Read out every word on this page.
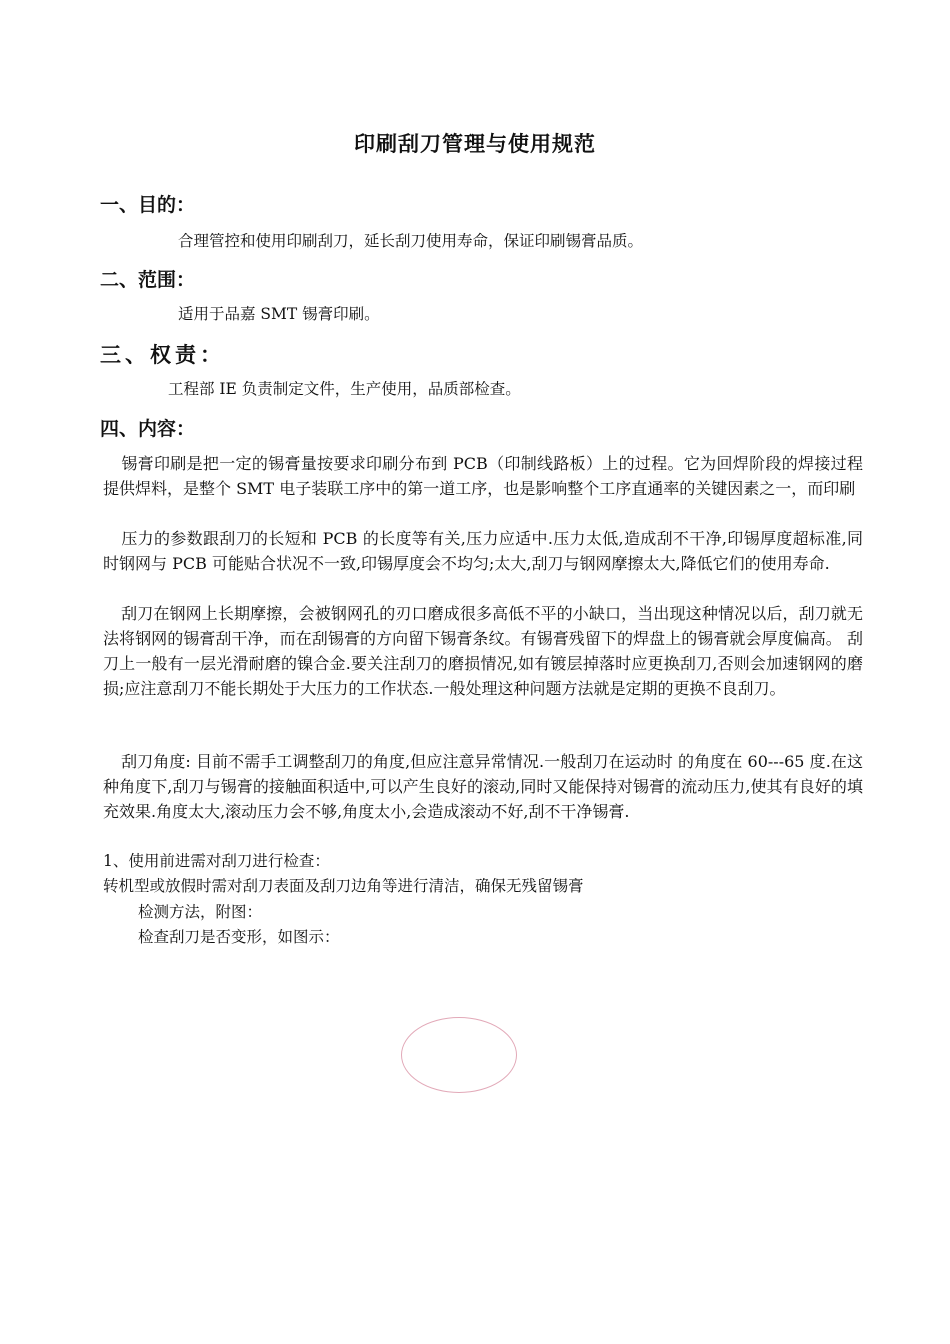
印刷刮刀管理与使用规范
一、目的：
合理管控和使用印刷刮刀，延长刮刀使用寿命，保证印刷锡膏品质。
二、范围：
适用于品嘉 SMT 锡膏印刷。
三、权责：
工程部 IE 负责制定文件，生产使用，品质部检查。
四、内容：
锡膏印刷是把一定的锡膏量按要求印刷分布到 PCB（印制线路板）上的过程。它为回焊阶段的焊接过程提供焊料，是整个 SMT 电子装联工序中的第一道工序，也是影响整个工序直通率的关键因素之一，而印刷
压力的参数跟刮刀的长短和 PCB 的长度等有关,压力应适中.压力太低,造成刮不干净,印锡厚度超标准,同时钢网与 PCB 可能贴合状况不一致,印锡厚度会不均匀;太大,刮刀与钢网摩擦太大,降低它们的使用寿命.
刮刀在钢网上长期摩擦，会被钢网孔的刃口磨成很多高低不平的小缺口，当出现这种情况以后，刮刀就无法将钢网的锡膏刮干净，而在刮锡膏的方向留下锡膏条纹。有锡膏残留下的焊盘上的锡膏就会厚度偏高。 刮刀上一般有一层光滑耐磨的镍合金.要关注刮刀的磨损情况,如有镀层掉落时应更换刮刀,否则会加速钢网的磨损;应注意刮刀不能长期处于大压力的工作状态.一般处理这种问题方法就是定期的更换不良刮刀。
刮刀角度: 目前不需手工调整刮刀的角度,但应注意异常情况.一般刮刀在运动时 的角度在 60---65 度.在这种角度下,刮刀与锡膏的接触面积适中,可以产生良好的滚动,同时又能保持对锡膏的流动压力,使其有良好的填充效果.角度太大,滚动压力会不够,角度太小,会造成滚动不好,刮不干净锡膏.
1、使用前进需对刮刀进行检查：
转机型或放假时需对刮刀表面及刮刀边角等进行清洁，确保无残留锡膏
检测方法，附图：
检查刮刀是否变形，如图示：
